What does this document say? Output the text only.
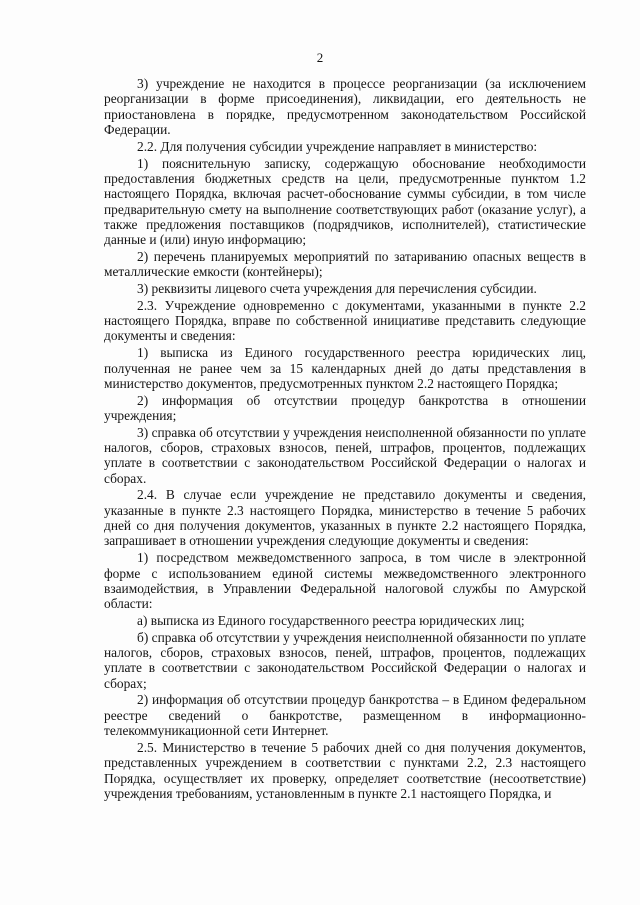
2

3) учреждение не находится в процессе реорганизации (за исключением реорганизации в форме присоединения), ликвидации, его деятельность не приостановлена в порядке, предусмотренном законодательством Российской Федерации.

2.2. Для получения субсидии учреждение направляет в министерство:

1) пояснительную записку, содержащую обоснование необходимости предоставления бюджетных средств на цели, предусмотренные пунктом 1.2 настоящего Порядка, включая расчет-обоснование суммы субсидии, в том числе предварительную смету на выполнение соответствующих работ (оказание услуг), а также предложения поставщиков (подрядчиков, исполнителей), статистические данные и (или) иную информацию;

2) перечень планируемых мероприятий по затариванию опасных веществ в металлические емкости (контейнеры);

3) реквизиты лицевого счета учреждения для перечисления субсидии.

2.3. Учреждение одновременно с документами, указанными в пункте 2.2 настоящего Порядка, вправе по собственной инициативе представить следующие документы и сведения:

1) выписка из Единого государственного реестра юридических лиц, полученная не ранее чем за 15 календарных дней до даты представления в министерство документов, предусмотренных пунктом 2.2 настоящего Порядка;

2) информация об отсутствии процедур банкротства в отношении учреждения;

3) справка об отсутствии у учреждения неисполненной обязанности по уплате налогов, сборов, страховых взносов, пеней, штрафов, процентов, подлежащих уплате в соответствии с законодательством Российской Федерации о налогах и сборах.

2.4. В случае если учреждение не представило документы и сведения, указанные в пункте 2.3 настоящего Порядка, министерство в течение 5 рабочих дней со дня получения документов, указанных в пункте 2.2 настоящего Порядка, запрашивает в отношении учреждения следующие документы и сведения:

1) посредством межведомственного запроса, в том числе в электронной форме с использованием единой системы межведомственного электронного взаимодействия, в Управлении Федеральной налоговой службы по Амурской области:

а) выписка из Единого государственного реестра юридических лиц;

б) справка об отсутствии у учреждения неисполненной обязанности по уплате налогов, сборов, страховых взносов, пеней, штрафов, процентов, подлежащих уплате в соответствии с законодательством Российской Федерации о налогах и сборах;

2) информация об отсутствии процедур банкротства – в Едином федеральном реестре сведений о банкротстве, размещенном в информационно-телекоммуникационной сети Интернет.

2.5. Министерство в течение 5 рабочих дней со дня получения документов, представленных учреждением в соответствии с пунктами 2.2, 2.3 настоящего Порядка, осуществляет их проверку, определяет соответствие (несоответствие) учреждения требованиям, установленным в пункте 2.1 настоящего Порядка, и
